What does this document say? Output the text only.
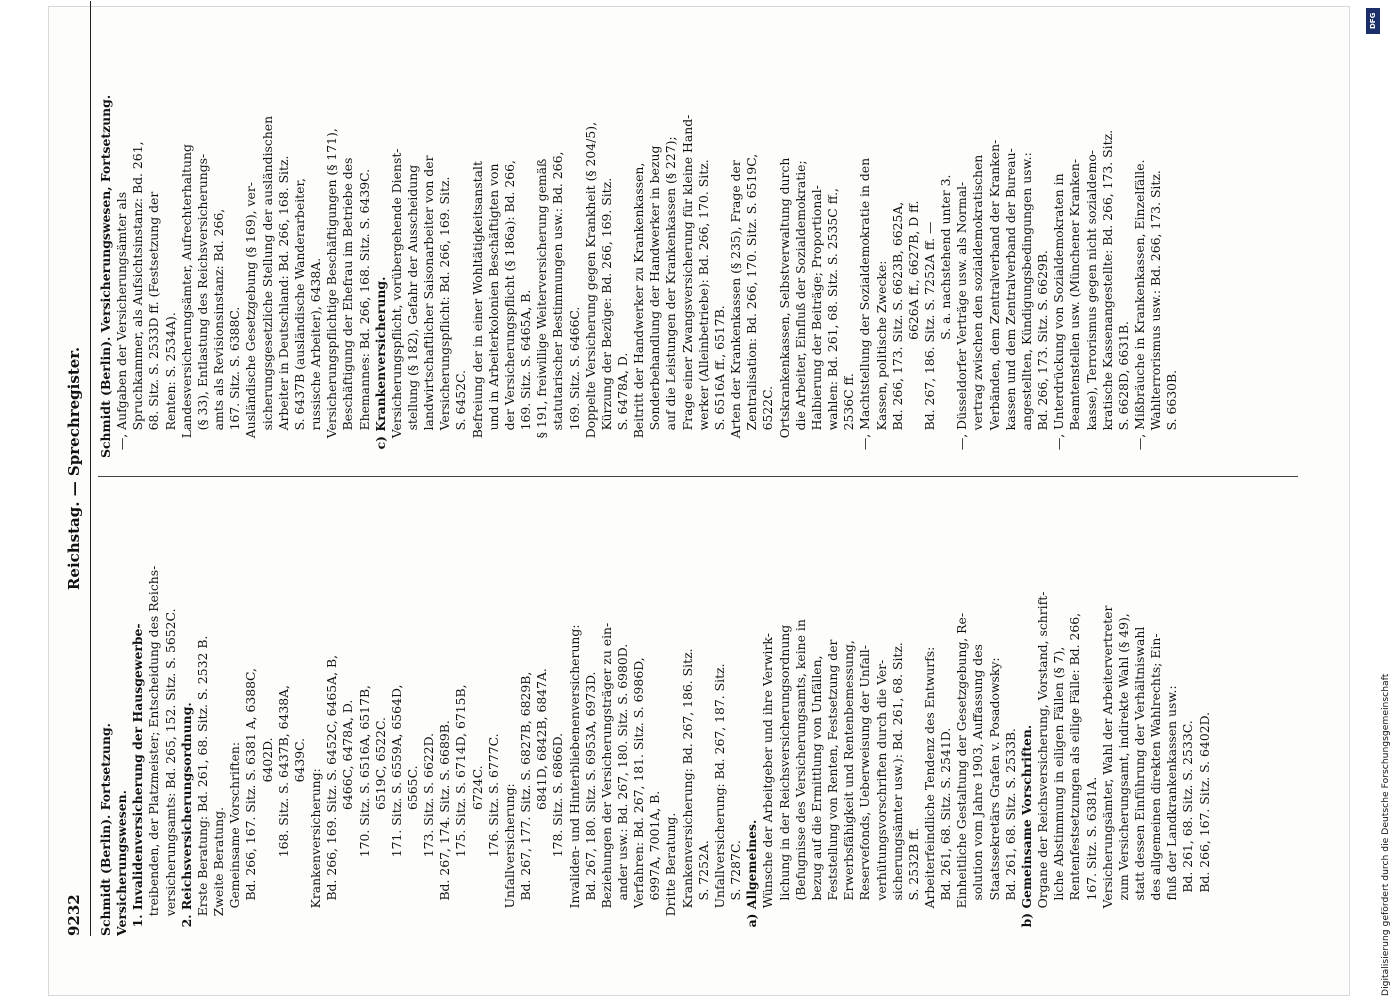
9232
Reichstag. — Sprechregister.
Schmidt (Berlin). Fortsetzung. Versicherungswesen. 1. Invalidenversicherung der Hausgewerbe- treibenden, der Platzmeister; Entscheidung des Reichs- versicherungsamts: Bd. 265, 152. Sitz. S. 5652C. 2. Reichsversicherungsordnung. Erste Beratung: Bd. 261, 68. Sitz. S. 2532 B. Zweite Beratung. Gemeinsame Vorschriften: Bd. 266, 167. Sitz. S. 6381 A, 6388C, 6402D. 168. Sitz. S. 6437B, 6438A, 6439C. Krankenversicherung: Bd. 266, 169. Sitz. S. 6452C, 6465A, B, 6466C, 6478A, D. 170. Sitz. S. 6516A, 6517B, 6519C, 6522C. 171. Sitz. S. 6559A, 6564D, 6565C. 173. Sitz. S. 6622D. Bd. 267, 174. Sitz. S. 6689B. 175. Sitz. S. 6714D, 6715B, 6724C. 176. Sitz. S. 6777C. Unfallversicherung: Bd. 267, 177. Sitz. S. 6827B, 6829B, 6841D, 6842B, 6847A. 178. Sitz. S. 6866D. Invaliden- und Hinterbliebenenversicherung: Bd. 267, 180. Sitz. S. 6953A, 6973D. Beziehungen der Versicherungsträger zu ein- ander usw.: Bd. 267, 180. Sitz. S. 6980D. Verfahren: Bd. 267, 181. Sitz. S. 6986D, 6997A, 7001A, B. Dritte Beratung. Krankenversicherung: Bd. 267, 186. Sitz. S. 7252A. Unfallversicherung: Bd. 267, 187. Sitz. S. 7287C. a) Allgemeines. Wünsche der Arbeitgeber und ihre Verwirk- lichung in der Reichsversicherungsordnung (Befugnisse des Versicherungsamts, keine in bezug auf die Ermittlung von Unfällen, Feststellung von Renten, Festsetzung der Erwerbsfähigkeit und Rentenbemessung, Reservefonds, Ueberweisung der Unfall- verhütungsvorschriften durch die Ver- sicherungsämter usw.): Bd. 261, 68. Sitz. S. 2532B ff. Arbeiterfeindliche Tendenz des Entwurfs: Bd. 261, 68. Sitz. S. 2541D. Einheitliche Gestaltung der Gesetzgebung, Re- solution vom Jahre 1903, Auffassung des Staatssekretärs Grafen v. Posadowsky: Bd. 261, 68. Sitz. S. 2533B. b) Gemeinsame Vorschriften. Organe der Reichsversicherung, Vorstand, schrift- liche Abstimmung in eiligen Fällen (§ 7), Rentenfestsetzungen als eilige Fälle: Bd. 266, 167. Sitz. S. 6381A. Versicherungsämter, Wahl der Arbeitervertreter zum Versicherungsamt, indirekte Wahl (§ 49), statt dessen Einführung der Verhältniswahl des allgemeinen direkten Wahlrechts; Ein- fluß der Landkrankenkassen usw.: Bd. 261, 68. Sitz. S. 2533C. Bd. 266, 167. Sitz. S. 6402D.
Schmidt (Berlin). Versicherungswesen, Fortsetzung. —, Aufgaben der Versicherungsämter als Spruchkammer, als Aufsichtsinstanz: Bd. 261, 68. Sitz. S. 2533D ff. (Festsetzung der Renten: S. 2534A). Landesversicherungsämter, Aufrechterhaltung (§ 33), Entlastung des Reichsversicherungs- amts als Revisionsinstanz: Bd. 266, 167. Sitz. S. 6388C. Ausländische Gesetzgebung (§ 169), ver- sicherungsgesetzliche Stellung der ausländischen Arbeiter in Deutschland: Bd. 266, 168. Sitz. S. 6437B (ausländische Wanderarbeiter, russische Arbeiter), 6438A. Versicherungspflichtige Beschäftigungen (§ 171), Beschäftigung der Ehefrau im Betriebe des Ehemannes: Bd. 266, 168. Sitz. S. 6439C. c) Krankenversicherung. Versicherungspflicht, vorübergehende Dienst- stellung (§ 182), Gefahr der Ausscheidung landwirtschaftlicher Saisonarbeiter von der Versicherungspflicht: Bd. 266, 169. Sitz. S. 6452C. Befreiung der in einer Wohltätigkeitsanstalt und in Arbeiterkolonien Beschäftigten von der Versicherungspflicht (§ 186a): Bd. 266, 169. Sitz. S. 6465A, B. § 191, freiwillige Weiterversicherung gemäß statutarischer Bestimmungen usw.: Bd. 266, 169. Sitz. S. 6466C. Doppelte Versicherung gegen Krankheit (§ 204/5), Kürzung der Bezüge: Bd. 266, 169. Sitz. S. 6478A, D. Beitritt der Handwerker zu Krankenkassen, Sonderbehandlung der Handwerker in bezug auf die Leistungen der Krankenkassen (§ 227); Frage einer Zwangsversicherung für kleine Hand- werker (Alleinbetriebe): Bd. 266, 170. Sitz. S. 6516A ff., 6517B. Arten der Krankenkassen (§ 235), Frage der Zentralisation: Bd. 266, 170. Sitz. S. 6519C, 6522C. Ortskrankenkassen, Selbstverwaltung durch die Arbeiter, Einfluß der Sozialdemokratie; Halbierung der Beiträge; Proportional- wahlen: Bd. 261, 68. Sitz. S. 2535C ff., 2536C ff. —, Machtstellung der Sozialdemokratie in den Kassen, politische Zwecke: Bd. 266, 173. Sitz. S. 6623B, 6625A, 6626A ff., 6627B, D ff. Bd. 267, 186. Sitz. S. 7252A ff. — S. a. nachstehend unter 3. —, Düsseldorfer Verträge usw. als Normal- vertrag zwischen den sozialdemokratischen Verbänden, dem Zentralverband der Kranken- kassen und dem Zentralverband der Bureau- angestellten, Kündigungsbedingungen usw.: Bd. 266, 173. Sitz. S. 6629B. —, Unterdrückung von Sozialdemokraten in Beamtenstellen usw. (Münchener Kranken- kasse), Terrorismus gegen nicht sozialdemo- kratische Kassenangestellte: Bd. 266, 173. Sitz. S. 6628D, 6631B. —, Mißbräuche in Krankenkassen, Einzelfälle. Wahlterrorismus usw.: Bd. 266, 173. Sitz. S. 6630B.
Digitalisierung gefördert durch die Deutsche Forschungsgemeinschaft
DFG
